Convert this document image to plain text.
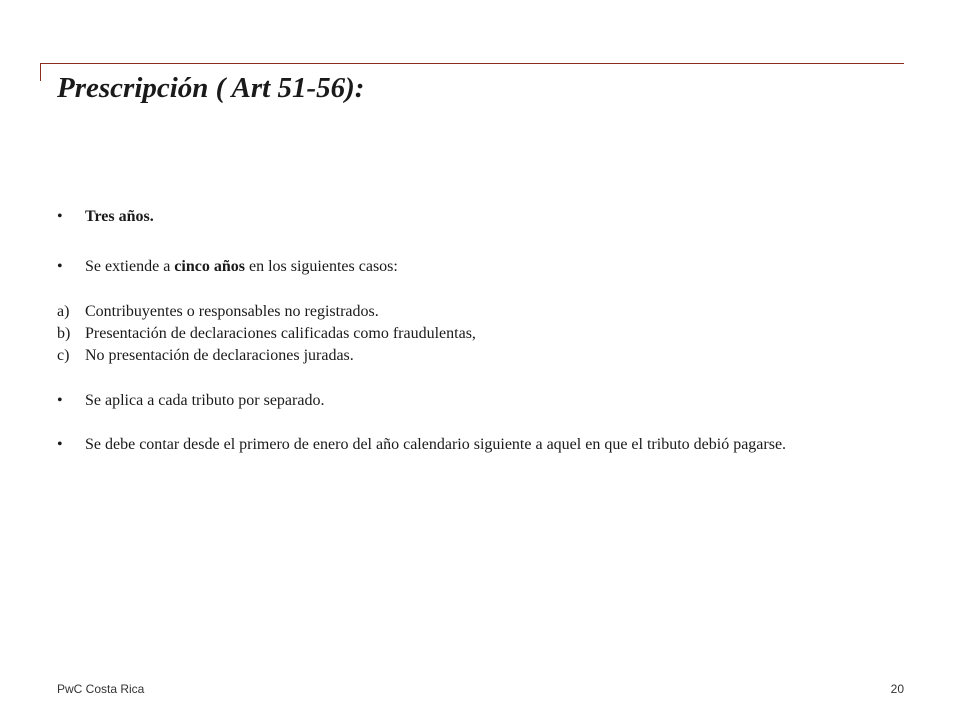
Prescripción ( Art 51-56):
•	Tres años.
•	Se extiende a cinco años en los siguientes casos:
a) Contribuyentes o responsables no registrados.
b) Presentación de declaraciones calificadas como fraudulentas,
c) No presentación de declaraciones juradas.
•	Se aplica a cada tributo por separado.
•	Se debe contar desde el primero de enero del año calendario siguiente a aquel en que el tributo debió pagarse.
PwC Costa Rica	20
